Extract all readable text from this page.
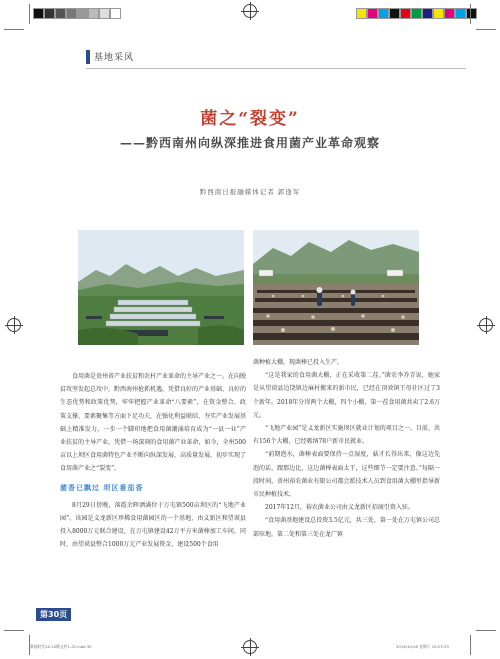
基地采风
菌之“裂变”
——黔西南州向纵深推进食用菌产业革命观察
黔西南日报融媒体记者 郭逢军

食用菌是贵州省产业扶贫和农村产业革命的主导产业之一。在向脱贫攻坚发起总攻中，黔西南州抢抓机遇，凭借良好的产业基础、良好的生态优势和政策优势，牢牢把握产业革命“八要素”，在资金整合、政策支撑、要素聚集等方面下足功夫，在强化利益联结、夯实产业发展基础上精准发力，一步一个脚印地把食用菌潮涌培育成为“一县一业”产业扶贫的主导产业。凭借一场深刻的食用菌产业革命，如今，全州500亩以上坝区食用菌特色产业不断向纵深发展、高质量发展，初步实现了食用菌产业之“裂变”。

菌香已飘过 坝区番茄香

8月29日傍晚，落霞余晖洒满位于万屯镇500亩坝区的“飞地产业园”。该园是义龙新区珍稀食用菌园区的一个基地，由义新区和望谟县投入8000万元联合建设，在万屯镇建设42万平方米菌棒加工车间，同时，由望谟县整合1000万元产业发展资金，建设500个食用

菌种植大棚，现菌棒已投入生产。

“这是我家的食用菌大棚，正在采收第二茬。”菌农李乔青说，她家是从望谟县边饶镇边麻村搬来的新市民，已经在顶效镇王母社区过了3个新年。2018年分得两个大棚，四个小棚，第一茬食用菌共卖了2.6万元。

“飞地产业园”是义龙新区实施坝区就业计划的项目之一。目前，共有156个大棚，已经吸纳78户新市民就业。

“前期泡水，菌棒表面要保持一点湿度，菇才长得出来，像这边先泡的话，跟那边比，这边菌棒表面太干，这些细节一定要注意。”每隔一段时间，贵州裕农菌业有限公司都会派技术人员到食用菌大棚里指导新市民种植技术。

2017年12月，裕农菌业公司由义龙新区招商引资入驻。

“食用菌基地建设总投资3.5亿元，共三处，第一处在万屯镇公司总部驻地，第二处和第三处在龙广镇

第30页
赛前时代20.10期文件1-32.indd 30	2019/10/18 星期六 15:23:33
